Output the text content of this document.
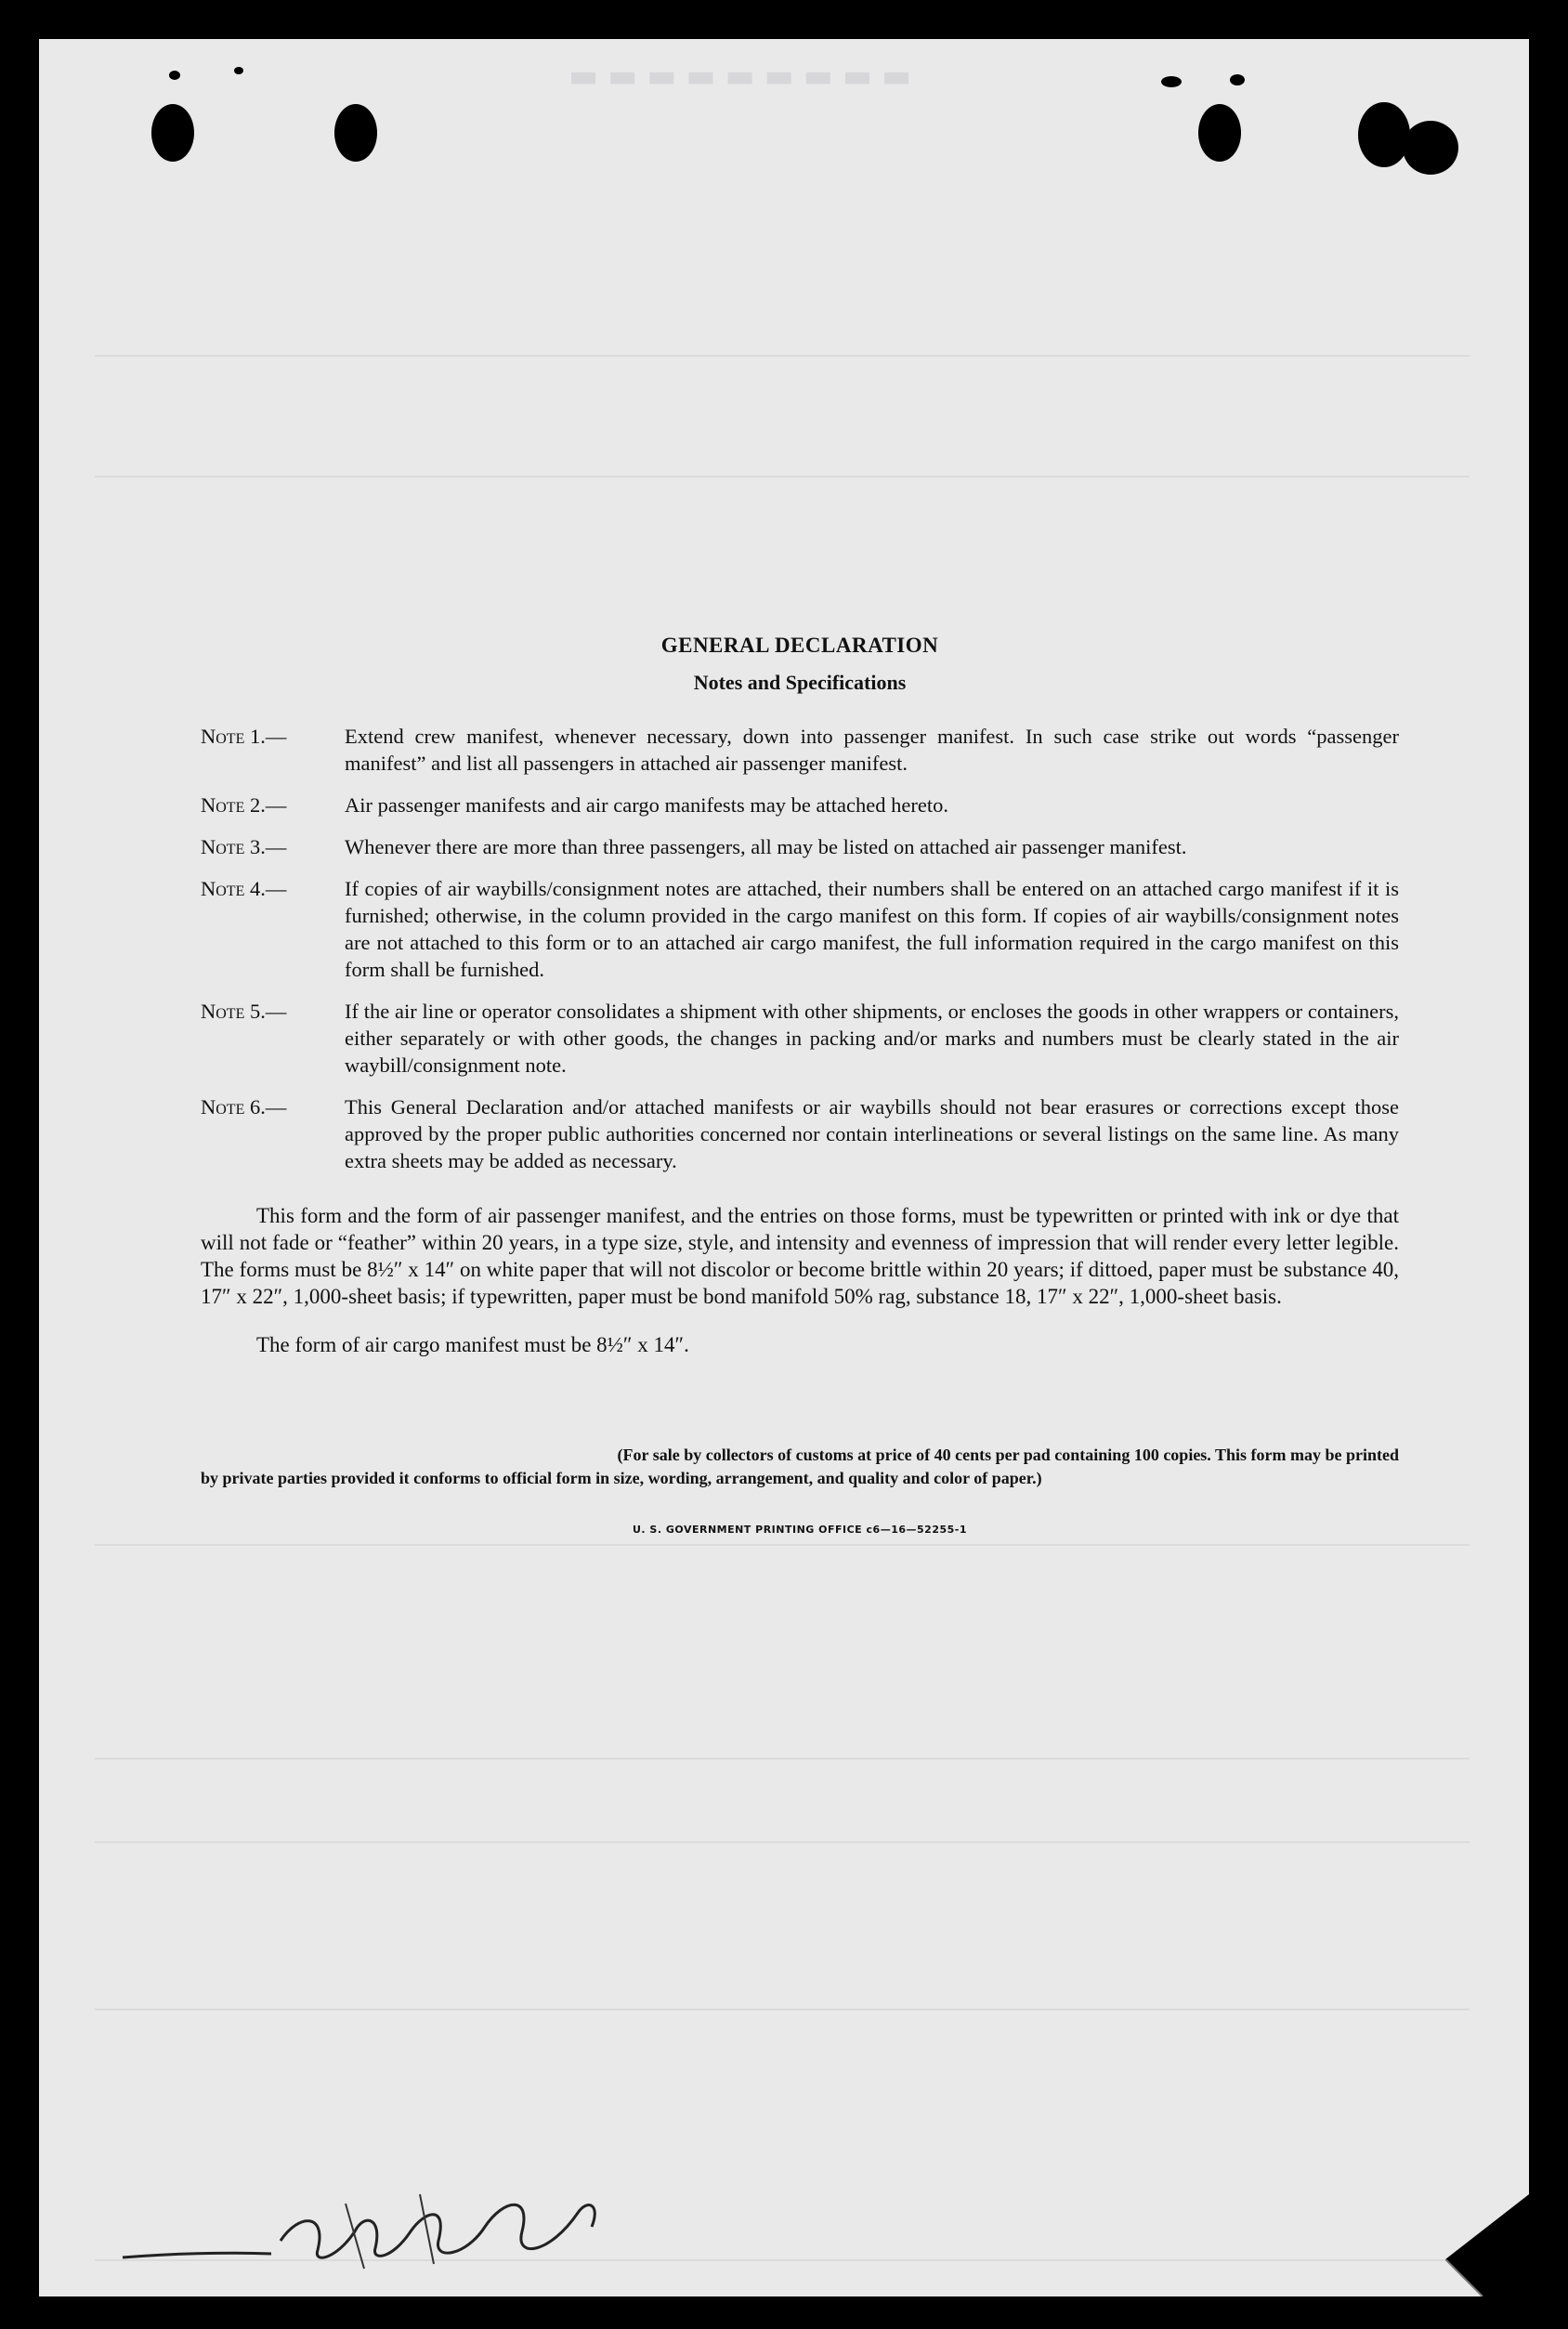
▬▬▬▬▬▬▬▬▬
GENERAL DECLARATION
Notes and Specifications
Note 1.—	Extend crew manifest, whenever necessary, down into passenger manifest. In such case strike out words “passenger manifest” and list all passengers in attached air passenger manifest.
Note 2.—	Air passenger manifests and air cargo manifests may be attached hereto.
Note 3.—	Whenever there are more than three passengers, all may be listed on attached air passenger manifest.
Note 4.—	If copies of air waybills/consignment notes are attached, their numbers shall be entered on an attached cargo manifest if it is furnished; otherwise, in the column provided in the cargo manifest on this form. If copies of air waybills/consignment notes are not attached to this form or to an attached air cargo manifest, the full information required in the cargo manifest on this form shall be furnished.
Note 5.—	If the air line or operator consolidates a shipment with other shipments, or encloses the goods in other wrappers or containers, either separately or with other goods, the changes in packing and/or marks and numbers must be clearly stated in the air waybill/consignment note.
Note 6.—	This General Declaration and/or attached manifests or air waybills should not bear erasures or corrections except those approved by the proper public authorities concerned nor contain interlineations or several listings on the same line. As many extra sheets may be added as necessary.

This form and the form of air passenger manifest, and the entries on those forms, must be typewritten or printed with ink or dye that will not fade or “feather” within 20 years, in a type size, style, and intensity and evenness of impression that will render every letter legible. The forms must be 8½″ x 14″ on white paper that will not discolor or become brittle within 20 years; if dittoed, paper must be substance 40, 17″ x 22″, 1,000-sheet basis; if typewritten, paper must be bond manifold 50% rag, substance 18, 17″ x 22″, 1,000-sheet basis.

The form of air cargo manifest must be 8½″ x 14″.

(For sale by collectors of customs at price of 40 cents per pad containing 100 copies. This form may be printed
by private parties provided it conforms to official form in size, wording, arrangement, and quality and color of paper.)
U. S. GOVERNMENT PRINTING OFFICE c6—16—52255-1
